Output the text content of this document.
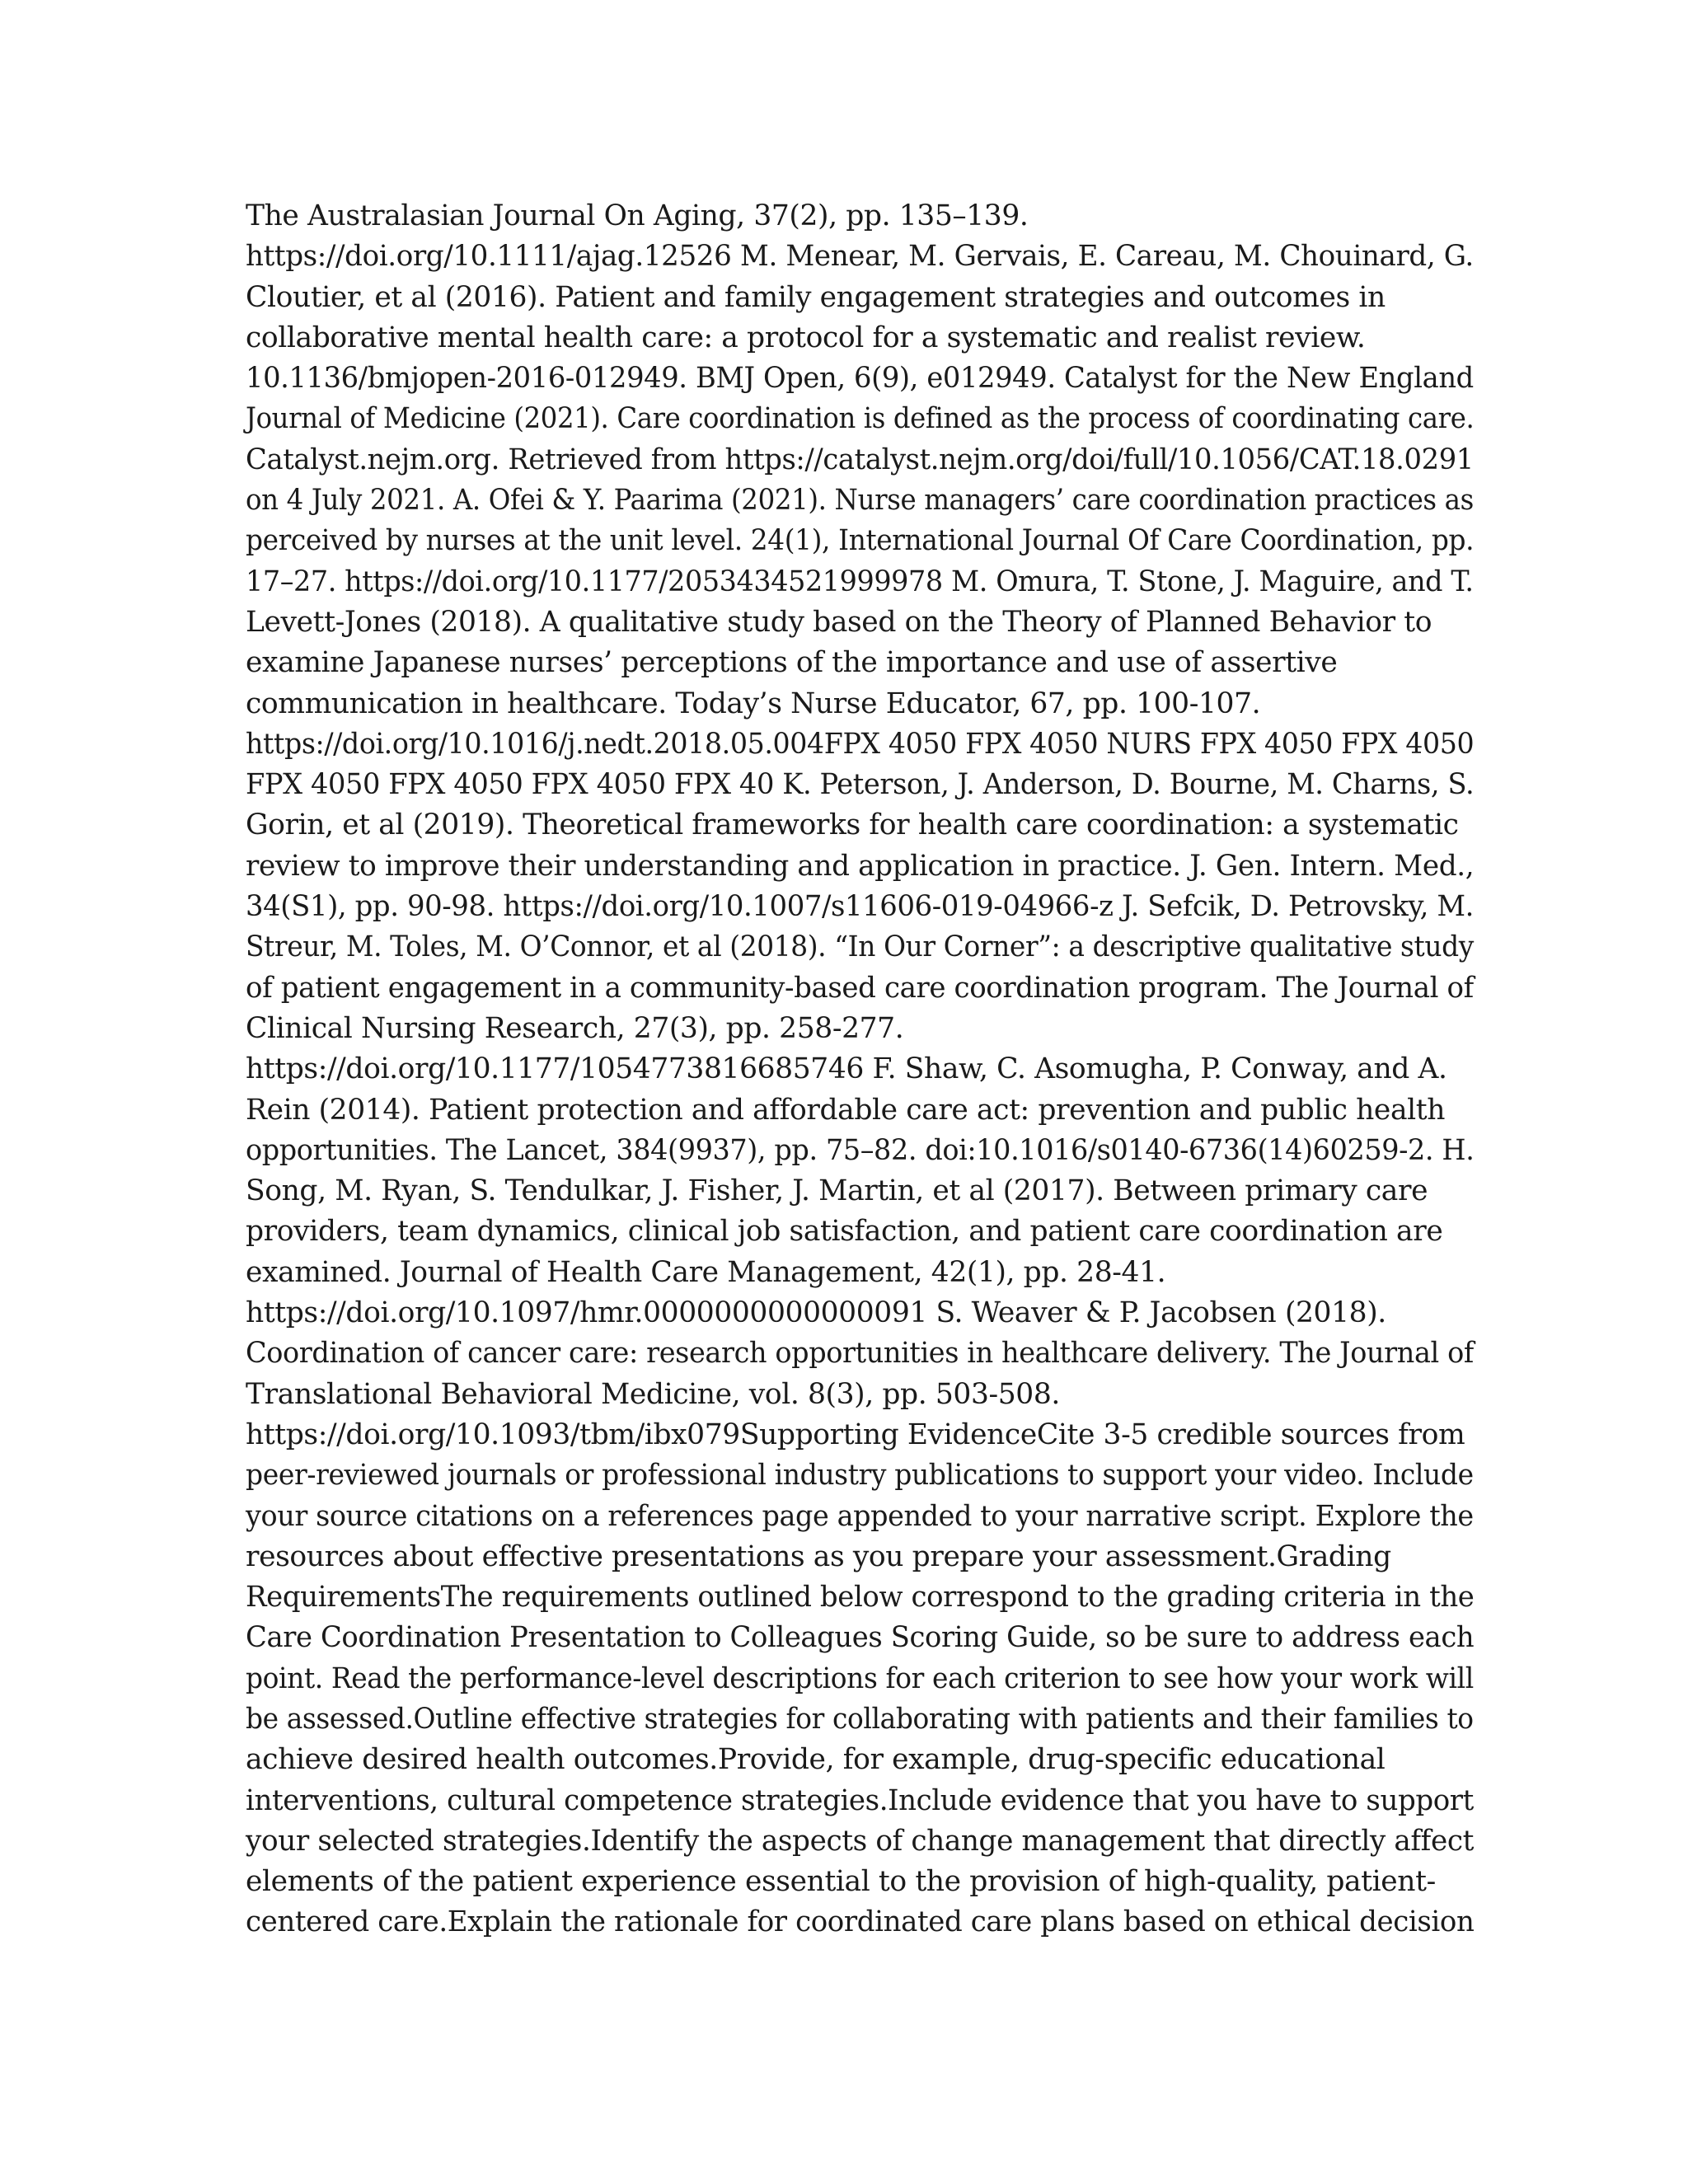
The Australasian Journal On Aging, 37(2), pp. 135–139.
https://doi.org/10.1111/ajag.12526 M. Menear, M. Gervais, E. Careau, M. Chouinard, G.
Cloutier, et al (2016). Patient and family engagement strategies and outcomes in
collaborative mental health care: a protocol for a systematic and realist review.
10.1136/bmjopen-2016-012949. BMJ Open, 6(9), e012949. Catalyst for the New England
Journal of Medicine (2021). Care coordination is defined as the process of coordinating care.
Catalyst.nejm.org. Retrieved from https://catalyst.nejm.org/doi/full/10.1056/CAT.18.0291
on 4 July 2021. A. Ofei & Y. Paarima (2021). Nurse managers’ care coordination practices as
perceived by nurses at the unit level. 24(1), International Journal Of Care Coordination, pp.
17–27. https://doi.org/10.1177/2053434521999978 M. Omura, T. Stone, J. Maguire, and T.
Levett-Jones (2018). A qualitative study based on the Theory of Planned Behavior to
examine Japanese nurses’ perceptions of the importance and use of assertive
communication in healthcare. Today’s Nurse Educator, 67, pp. 100-107.
https://doi.org/10.1016/j.nedt.2018.05.004FPX 4050 FPX 4050 NURS FPX 4050 FPX 4050
FPX 4050 FPX 4050 FPX 4050 FPX 40 K. Peterson, J. Anderson, D. Bourne, M. Charns, S.
Gorin, et al (2019). Theoretical frameworks for health care coordination: a systematic
review to improve their understanding and application in practice. J. Gen. Intern. Med.,
34(S1), pp. 90-98. https://doi.org/10.1007/s11606-019-04966-z J. Sefcik, D. Petrovsky, M.
Streur, M. Toles, M. O’Connor, et al (2018). “In Our Corner”: a descriptive qualitative study
of patient engagement in a community-based care coordination program. The Journal of
Clinical Nursing Research, 27(3), pp. 258-277.
https://doi.org/10.1177/1054773816685746 F. Shaw, C. Asomugha, P. Conway, and A.
Rein (2014). Patient protection and affordable care act: prevention and public health
opportunities. The Lancet, 384(9937), pp. 75–82. doi:10.1016/s0140-6736(14)60259-2. H.
Song, M. Ryan, S. Tendulkar, J. Fisher, J. Martin, et al (2017). Between primary care
providers, team dynamics, clinical job satisfaction, and patient care coordination are
examined. Journal of Health Care Management, 42(1), pp. 28-41.
https://doi.org/10.1097/hmr.0000000000000091 S. Weaver & P. Jacobsen (2018).
Coordination of cancer care: research opportunities in healthcare delivery. The Journal of
Translational Behavioral Medicine, vol. 8(3), pp. 503-508.
https://doi.org/10.1093/tbm/ibx079Supporting EvidenceCite 3-5 credible sources from
peer-reviewed journals or professional industry publications to support your video. Include
your source citations on a references page appended to your narrative script. Explore the
resources about effective presentations as you prepare your assessment.Grading
RequirementsThe requirements outlined below correspond to the grading criteria in the
Care Coordination Presentation to Colleagues Scoring Guide, so be sure to address each
point. Read the performance-level descriptions for each criterion to see how your work will
be assessed.Outline effective strategies for collaborating with patients and their families to
achieve desired health outcomes.Provide, for example, drug-specific educational
interventions, cultural competence strategies.Include evidence that you have to support
your selected strategies.Identify the aspects of change management that directly affect
elements of the patient experience essential to the provision of high-quality, patient-
centered care.Explain the rationale for coordinated care plans based on ethical decision
